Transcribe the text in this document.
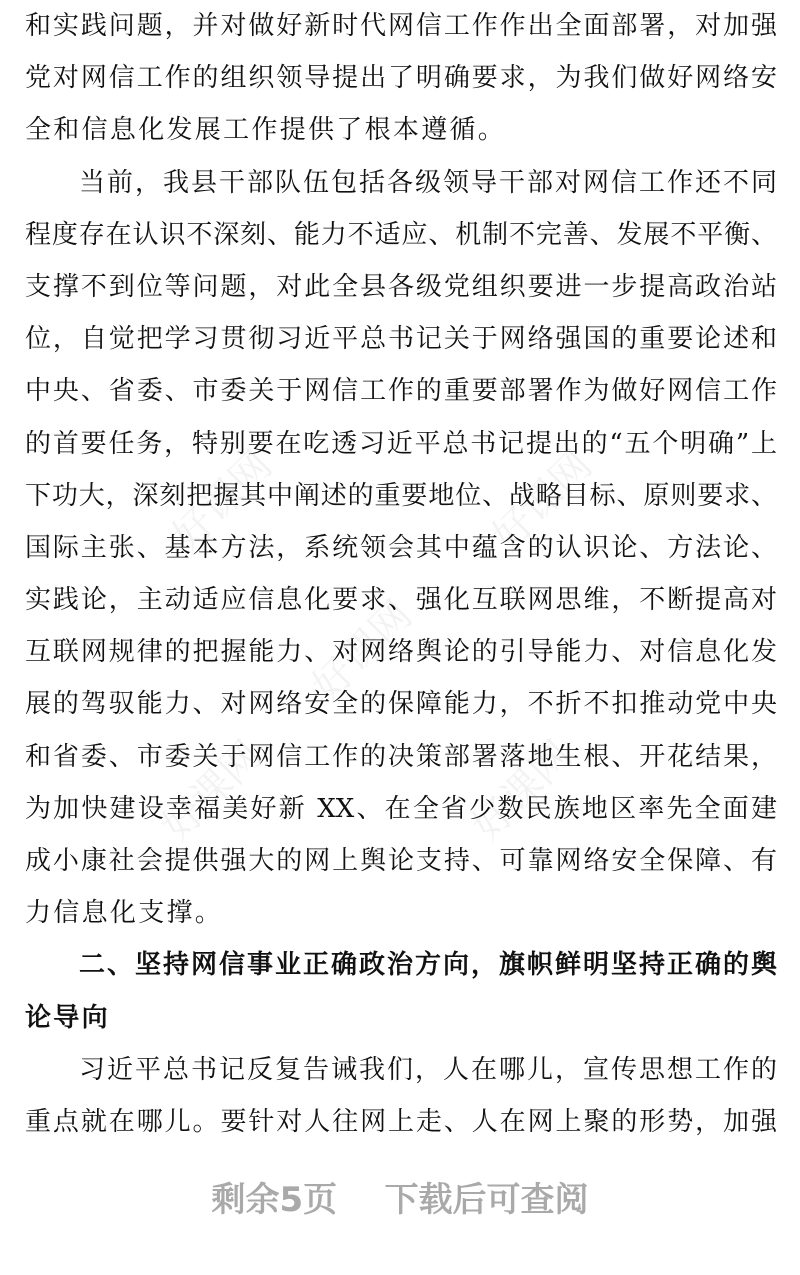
好课网	好课网
好课网
好课网
好课网
和实践问题，并对做好新时代网信工作作出全面部署，对加强
党对网信工作的组织领导提出了明确要求，为我们做好网络安
全和信息化发展工作提供了根本遵循。
当前，我县干部队伍包括各级领导干部对网信工作还不同
程度存在认识不深刻、能力不适应、机制不完善、发展不平衡、
支撑不到位等问题，对此全县各级党组织要进一步提高政治站
位，自觉把学习贯彻习近平总书记关于网络强国的重要论述和
中央、省委、市委关于网信工作的重要部署作为做好网信工作
的首要任务，特别要在吃透习近平总书记提出的“五个明确”上
下功大，深刻把握其中阐述的重要地位、战略目标、原则要求、
国际主张、基本方法，系统领会其中蕴含的认识论、方法论、
实践论，主动适应信息化要求、强化互联网思维，不断提高对
互联网规律的把握能力、对网络舆论的引导能力、对信息化发
展的驾驭能力、对网络安全的保障能力，不折不扣推动党中央
和省委、市委关于网信工作的决策部署落地生根、开花结果，
为加快建设幸福美好新 XX、在全省少数民族地区率先全面建
成小康社会提供强大的网上舆论支持、可靠网络安全保障、有
力信息化支撑。
二、坚持网信事业正确政治方向，旗帜鲜明坚持正确的舆
论导向
习近平总书记反复告诫我们，人在哪儿，宣传思想工作的
重点就在哪儿。要针对人往网上走、人在网上聚的形势，加强
剩余5页 下载后可查阅
